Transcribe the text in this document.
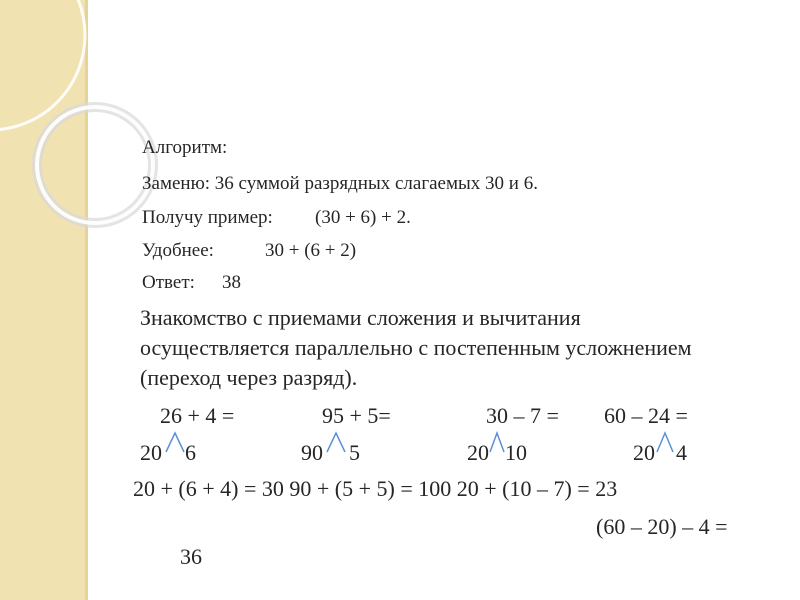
Алгоритм:
Заменю: 36 суммой разрядных слагаемых 30 и 6.
Получу пример: (30 + 6) + 2.
Удобнее:	30 + (6 + 2)
Ответ: 38
Знакомство с приемами сложения и вычитания
осуществляется параллельно с постепенным усложнением
(переход через разряд).
26 + 4 =	95 + 5=	30 – 7 = 60 – 24 =
20 6	90 5	20 10	20 4
20 + (6 + 4) = 30 90 + (5 + 5) = 100 20 + (10 – 7) = 23
(60 – 20) – 4 =
36
